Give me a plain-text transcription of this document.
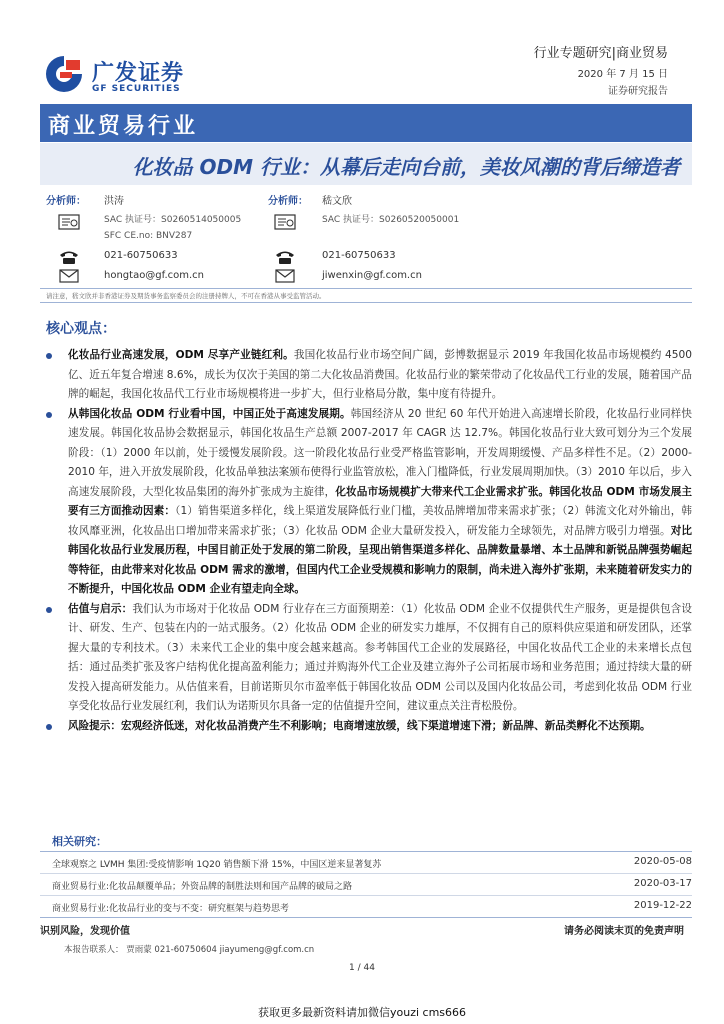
广发证券
GF SECURITIES
行业专题研究|商业贸易
2020 年 7 月 15 日
证券研究报告
商业贸易行业
化妆品 ODM 行业：从幕后走向台前，美妆风潮的背后缔造者
分析师： 洪涛	分析师： 嵇文欣
SAC 执证号：S0260514050005
SFC CE.no: BNV287
SAC 执证号：S0260520050001
021-60750633	021-60750633
hongtao@gf.com.cn	jiwenxin@gf.com.cn
请注意，嵇文欣并非香港证券及期货事务监察委员会的注册持牌人，不可在香港从事受监管活动。
核心观点：
化妆品行业高速发展，ODM 尽享产业链红利。我国化妆品行业市场空间广阔，彭博数据显示 2019 年我国化妆品市场规模约 4500 亿、近五年复合增速 8.6%，成长为仅次于美国的第二大化妆品消费国。化妆品行业的繁荣带动了化妆品代工行业的发展，随着国产品牌的崛起，我国化妆品代工行业市场规模将进一步扩大，但行业格局分散，集中度有待提升。
从韩国化妆品 ODM 行业看中国，中国正处于高速发展期。韩国经济从 20 世纪 60 年代开始进入高速增长阶段，化妆品行业同样快速发展。韩国化妆品协会数据显示，韩国化妆品生产总额 2007-2017 年 CAGR 达 12.7%。韩国化妆品行业大致可划分为三个发展阶段：（1）2000 年以前，处于缓慢发展阶段。这一阶段化妆品行业受严格监管影响，开发周期缓慢、产品多样性不足。（2）2000-2010 年，进入开放发展阶段，化妆品单独法案颁布使得行业监管放松，准入门槛降低，行业发展周期加快。（3）2010 年以后，步入高速发展阶段，大型化妆品集团的海外扩张成为主旋律，化妆品市场规模扩大带来代工企业需求扩张。韩国化妆品 ODM 市场发展主要有三方面推动因素：（1）销售渠道多样化，线上渠道发展降低行业门槛，美妆品牌增加带来需求扩张；（2）韩流文化对外输出，韩妆风靡亚洲，化妆品出口增加带来需求扩张；（3）化妆品 ODM 企业大量研发投入，研发能力全球领先，对品牌方吸引力增强。对比韩国化妆品行业发展历程，中国目前正处于发展的第二阶段，呈现出销售渠道多样化、品牌数量暴增、本土品牌和新锐品牌强势崛起等特征，由此带来对化妆品 ODM 需求的激增，但国内代工企业受规模和影响力的限制，尚未进入海外扩张期，未来随着研发实力的不断提升，中国化妆品 ODM 企业有望走向全球。
估值与启示：我们认为市场对于化妆品 ODM 行业存在三方面预期差：（1）化妆品 ODM 企业不仅提供代生产服务，更是提供包含设计、研发、生产、包装在内的一站式服务。（2）化妆品 ODM 企业的研发实力雄厚，不仅拥有自己的原料供应渠道和研发团队，还掌握大量的专利技术。（3）未来代工企业的集中度会越来越高。参考韩国代工企业的发展路径，中国化妆品代工企业的未来增长点包括：通过品类扩张及客户结构优化提高盈利能力；通过并购海外代工企业及建立海外子公司拓展市场和业务范围；通过持续大量的研发投入提高研发能力。从估值来看，目前诺斯贝尔市盈率低于韩国化妆品 ODM 公司以及国内化妆品公司，考虑到化妆品 ODM 行业享受化妆品行业发展红利，我们认为诺斯贝尔具备一定的估值提升空间，建议重点关注青松股份。
风险提示：宏观经济低迷，对化妆品消费产生不利影响；电商增速放缓，线下渠道增速下滑；新品牌、新品类孵化不达预期。
相关研究：
全球观察之 LVMH 集团:受疫情影响 1Q20 销售额下滑 15%，中国区逆来显著复苏	2020-05-08
商业贸易行业:化妆品颠覆单品；外资品牌的制胜法则和国产品牌的破局之路	2020-03-17
商业贸易行业:化妆品行业的变与不变：研究框架与趋势思考	2019-12-22
识别风险，发现价值	请务必阅读末页的免责声明
本报告联系人： 贾雨蒙 021-60750604 jiayumeng@gf.com.cn
1 / 44
获取更多最新资料请加微信youzi cms666
